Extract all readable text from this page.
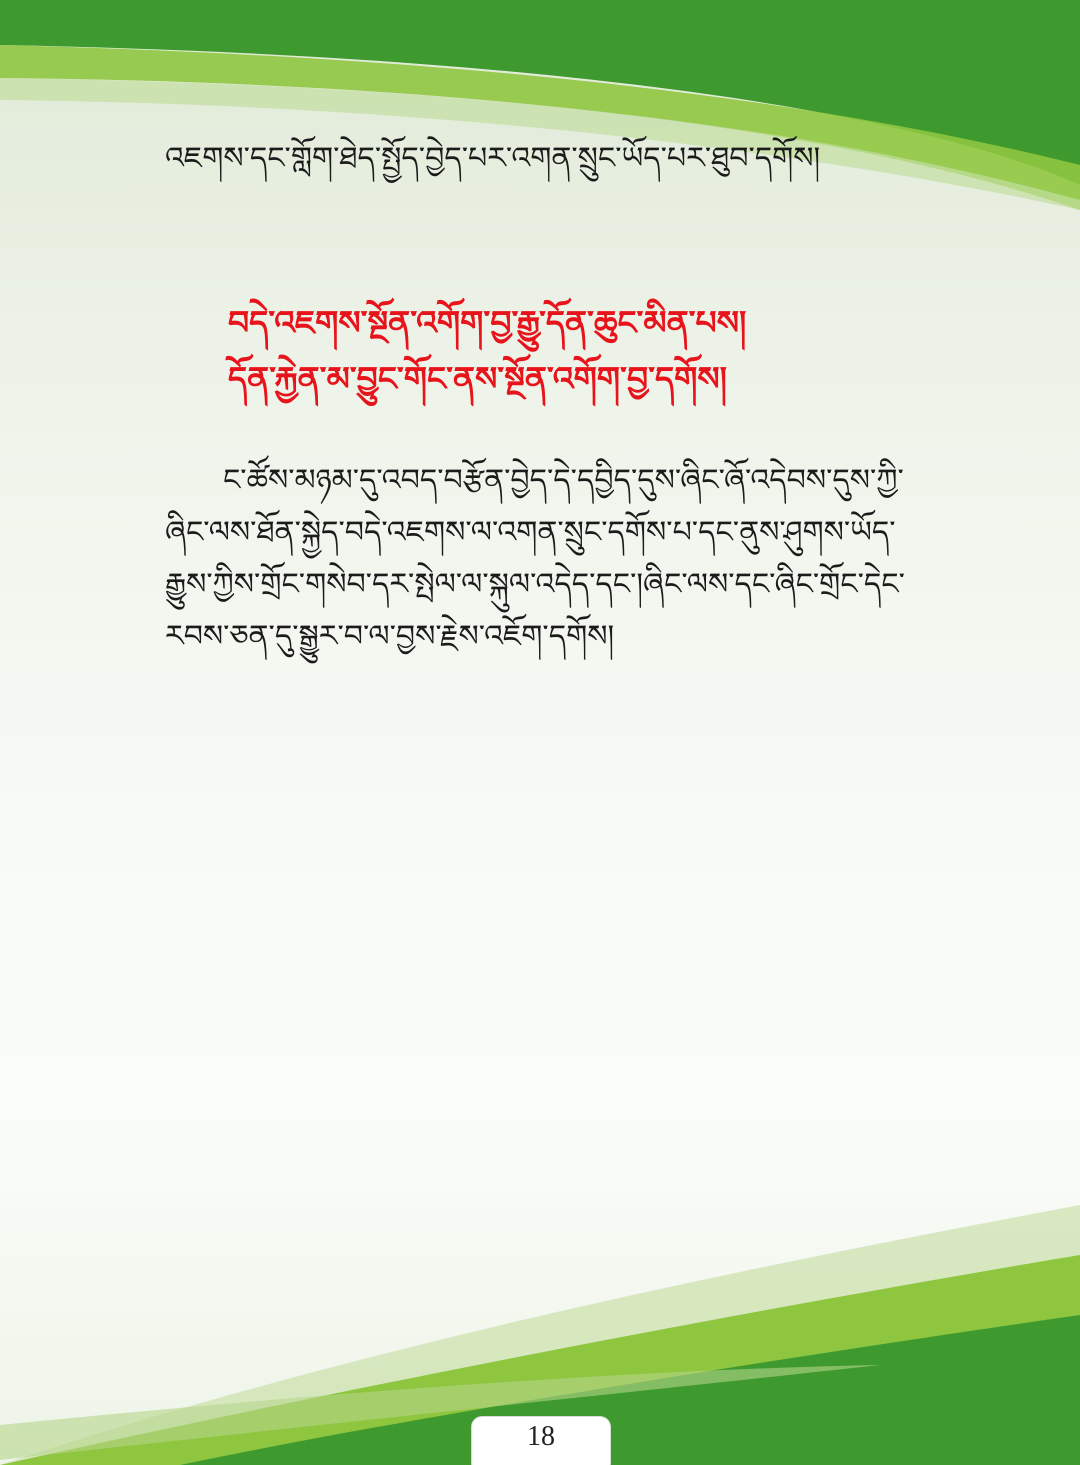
འཇགས་དང་གློག་ཐེད་སྤྱོད་བྱེད་པར་འགན་སྲུང་ཡོད་པར་ཐུབ་དགོས།

བདེ་འཇགས་སྔོན་འགོག་བྱ་རྒྱུ་དོན་ཆུང་མིན་པས།
དོན་རྐྱེན་མ་བྱུང་གོང་ནས་སྔོན་འགོག་བྱ་དགོས།

ང་ཚོས་མཉམ་དུ་འབད་བརྩོན་བྱེད་དེ་དབྱིད་དུས་ཞིང་ཞོ་འདེབས་དུས་ཀྱི་ཞིང་ལས་ཐོན་སྐྱེད་བདེ་འཇགས་ལ་འགན་སྲུང་དགོས་པ་དང་ནུས་ཤུགས་ཡོད་རྒྱུས་ཀྱིས་གྲོང་གསེབ་དར་སྤེལ་ལ་སྐུལ་འདེད་དང་།ཞིང་ལས་དང་ཞིང་གྲོང་དེང་རབས་ཅན་དུ་སྒྱུར་བ་ལ་བྱས་རྗེས་འཇོག་དགོས།

18
